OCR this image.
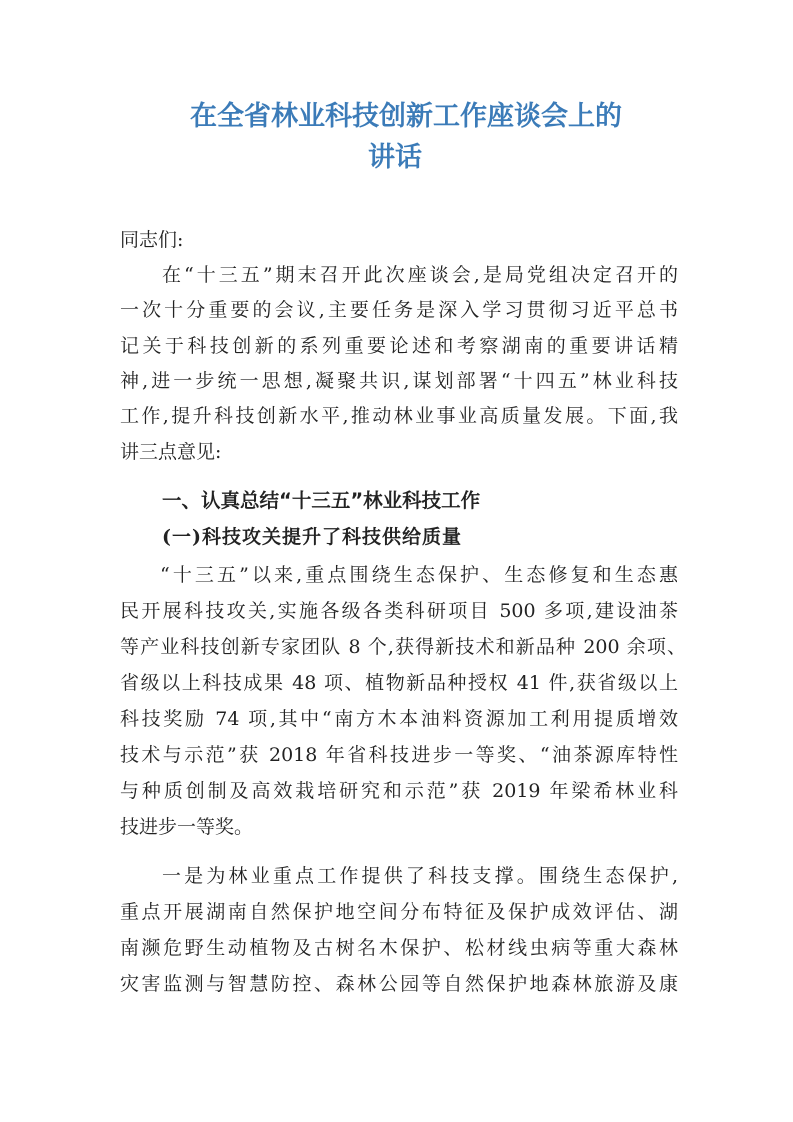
在全省林业科技创新工作座谈会上的
讲话
同志们:
在“十三五”期末召开此次座谈会,是局党组决定召开的
一次十分重要的会议,主要任务是深入学习贯彻习近平总书
记关于科技创新的系列重要论述和考察湖南的重要讲话精
神,进一步统一思想,凝聚共识,谋划部署“十四五”林业科技
工作,提升科技创新水平,推动林业事业高质量发展。下面,我
讲三点意见:
一、认真总结“十三五”林业科技工作
(一)科技攻关提升了科技供给质量
“十三五”以来,重点围绕生态保护、生态修复和生态惠
民开展科技攻关,实施各级各类科研项目 500 多项,建设油茶
等产业科技创新专家团队 8 个,获得新技术和新品种 200 余项、
省级以上科技成果 48 项、植物新品种授权 41 件,获省级以上
科技奖励 74 项,其中“南方木本油料资源加工利用提质增效
技术与示范”获 2018 年省科技进步一等奖、“油茶源库特性
与种质创制及高效栽培研究和示范”获 2019 年梁希林业科
技进步一等奖。
一是为林业重点工作提供了科技支撑。围绕生态保护,
重点开展湖南自然保护地空间分布特征及保护成效评估、湖
南濒危野生动植物及古树名木保护、松材线虫病等重大森林
灾害监测与智慧防控、森林公园等自然保护地森林旅游及康
